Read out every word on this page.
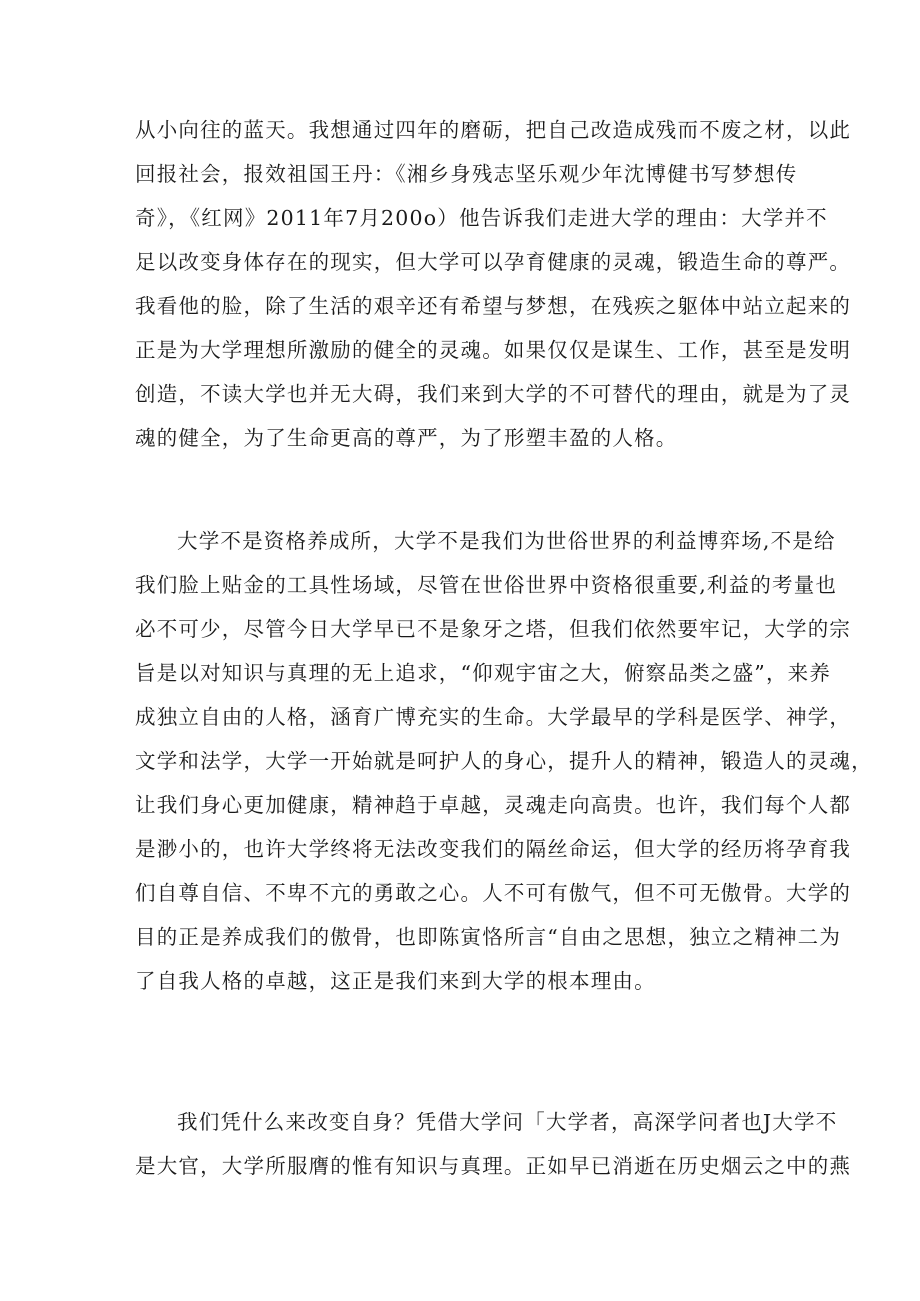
从小向往的蓝天。我想通过四年的磨砺，把自己改造成残而不废之材，以此
回报社会，报效祖国王丹：《湘乡身残志坚乐观少年沈博健书写梦想传
奇》，《红网》2011年7月200o）他告诉我们走进大学的理由：大学并不
足以改变身体存在的现实，但大学可以孕育健康的灵魂，锻造生命的尊严。
我看他的脸，除了生活的艰辛还有希望与梦想，在残疾之躯体中站立起来的
正是为大学理想所激励的健全的灵魂。如果仅仅是谋生、工作，甚至是发明
创造，不读大学也并无大碍，我们来到大学的不可替代的理由，就是为了灵
魂的健全，为了生命更高的尊严，为了形塑丰盈的人格。
大学不是资格养成所，大学不是我们为世俗世界的利益博弈场,不是给
我们脸上贴金的工具性场域，尽管在世俗世界中资格很重要,利益的考量也
必不可少，尽管今日大学早已不是象牙之塔，但我们依然要牢记，大学的宗
旨是以对知识与真理的无上追求，“仰观宇宙之大，俯察品类之盛”，来养
成独立自由的人格，涵育广博充实的生命。大学最早的学科是医学、神学，
文学和法学，大学一开始就是呵护人的身心，提升人的精神，锻造人的灵魂，
让我们身心更加健康，精神趋于卓越，灵魂走向高贵。也许，我们每个人都
是渺小的，也许大学终将无法改变我们的隔丝命运，但大学的经历将孕育我
们自尊自信、不卑不亢的勇敢之心。人不可有傲气，但不可无傲骨。大学的
目的正是养成我们的傲骨，也即陈寅恪所言“自由之思想，独立之精神二为
了自我人格的卓越，这正是我们来到大学的根本理由。
我们凭什么来改变自身？凭借大学问「大学者，高深学问者也J大学不
是大官，大学所服膺的惟有知识与真理。正如早已消逝在历史烟云之中的燕
